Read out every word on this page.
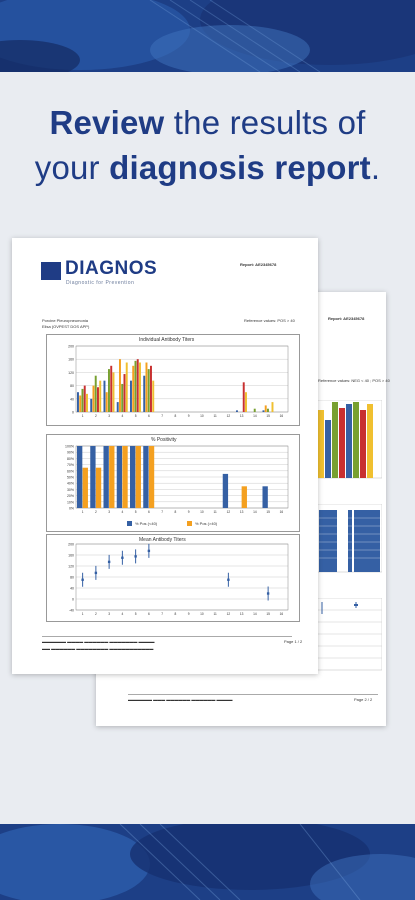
Review the results of
your diagnosis report.
Report: AE2345678
Reference values: NEG < 40 ; POS > 40
▬▬▬▬▬▬ ▬▬▬ ▬▬▬▬▬▬ ▬▬▬▬▬▬ ▬▬▬▬	Page 2 / 2
DIAGNOS
Diagnostic for Prevention
Report: AE2345678
Porcine Pleuropneumonia
Elisa (OVPEST DOS APP)
Reference values: POS > 40
Individual Antibody Titers
200
160
120
80
40
0
1	2	3	4	5	6	7	8	9	10	11	12	13	14	15	16
% Positivity
% Pos (<40)	% Pos (>40)
100%
90%
80%
70%
60%
50%
40%
30%
20%
10%
0%
1	2	3	4	5	6	7	8	9	10	11	12	13	14	15	16
Mean Antibody Titers
200
160
120
80
40
0
-40
1	2	3	4	5	6	7	8	9	10	11	12	13	14	15	16
▬▬▬▬▬▬ ▬▬▬▬ ▬▬▬▬▬▬ ▬▬▬▬▬▬▬ ▬▬▬▬
▬▬ ▬▬▬▬▬▬ ▬▬▬▬▬▬▬▬ ▬▬▬▬▬▬▬▬▬▬▬
Page 1 / 2
